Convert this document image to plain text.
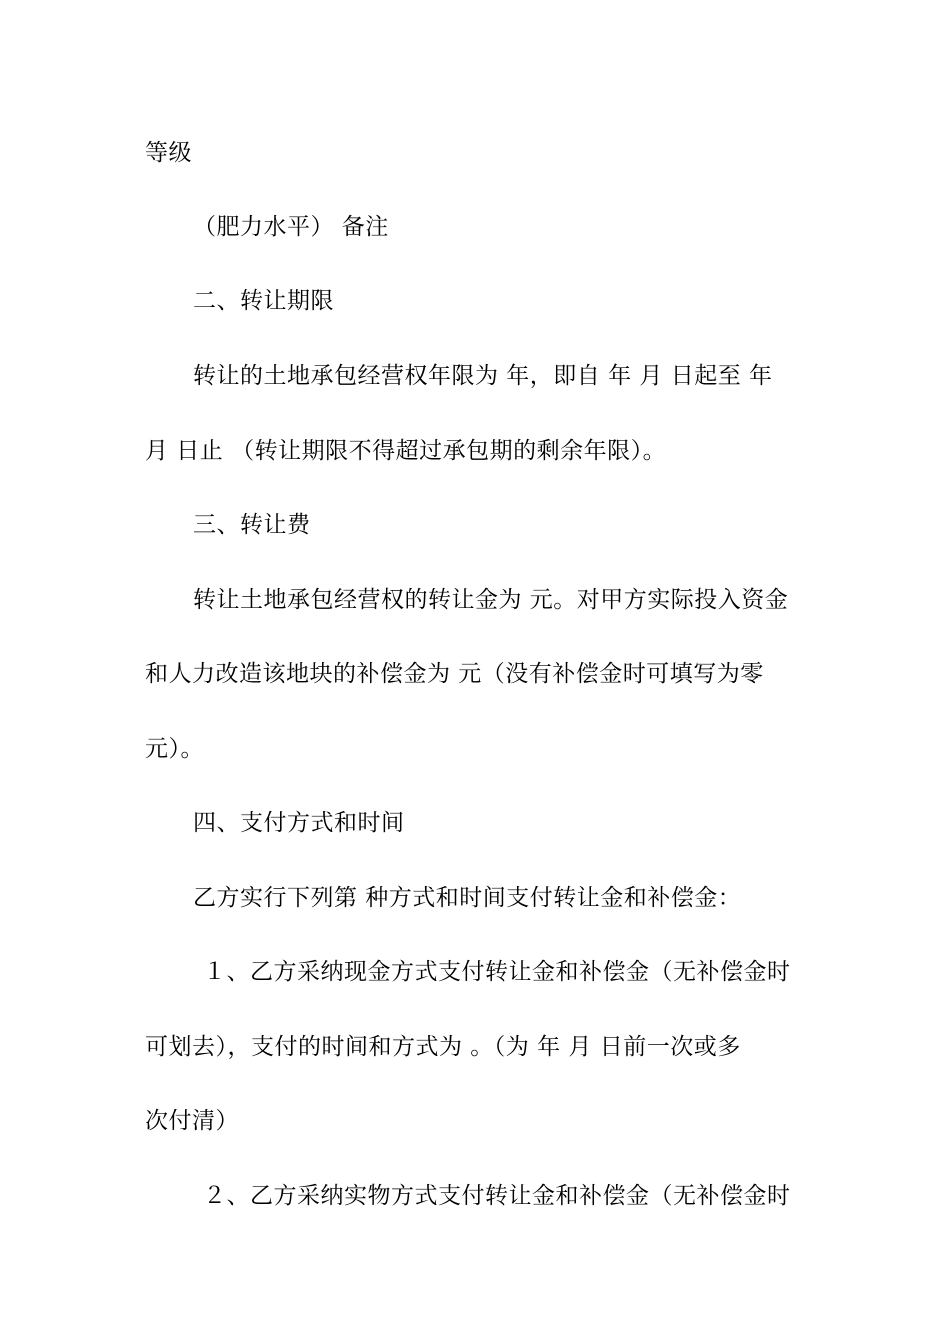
等级
（肥力水平） 备注
二、转让期限
转让的土地承包经营权年限为 年，即自 年 月 日起至 年
月 日止 （转让期限不得超过承包期的剩余年限）。
三、转让费
转让土地承包经营权的转让金为 元。对甲方实际投入资金
和人力改造该地块的补偿金为 元（没有补偿金时可填写为零
元）。
四、支付方式和时间
乙方实行下列第 种方式和时间支付转让金和补偿金：
１、乙方采纳现金方式支付转让金和补偿金（无补偿金时
可划去），支付的时间和方式为 。（为 年 月 日前一次或多
次付清）
２、乙方采纳实物方式支付转让金和补偿金（无补偿金时
